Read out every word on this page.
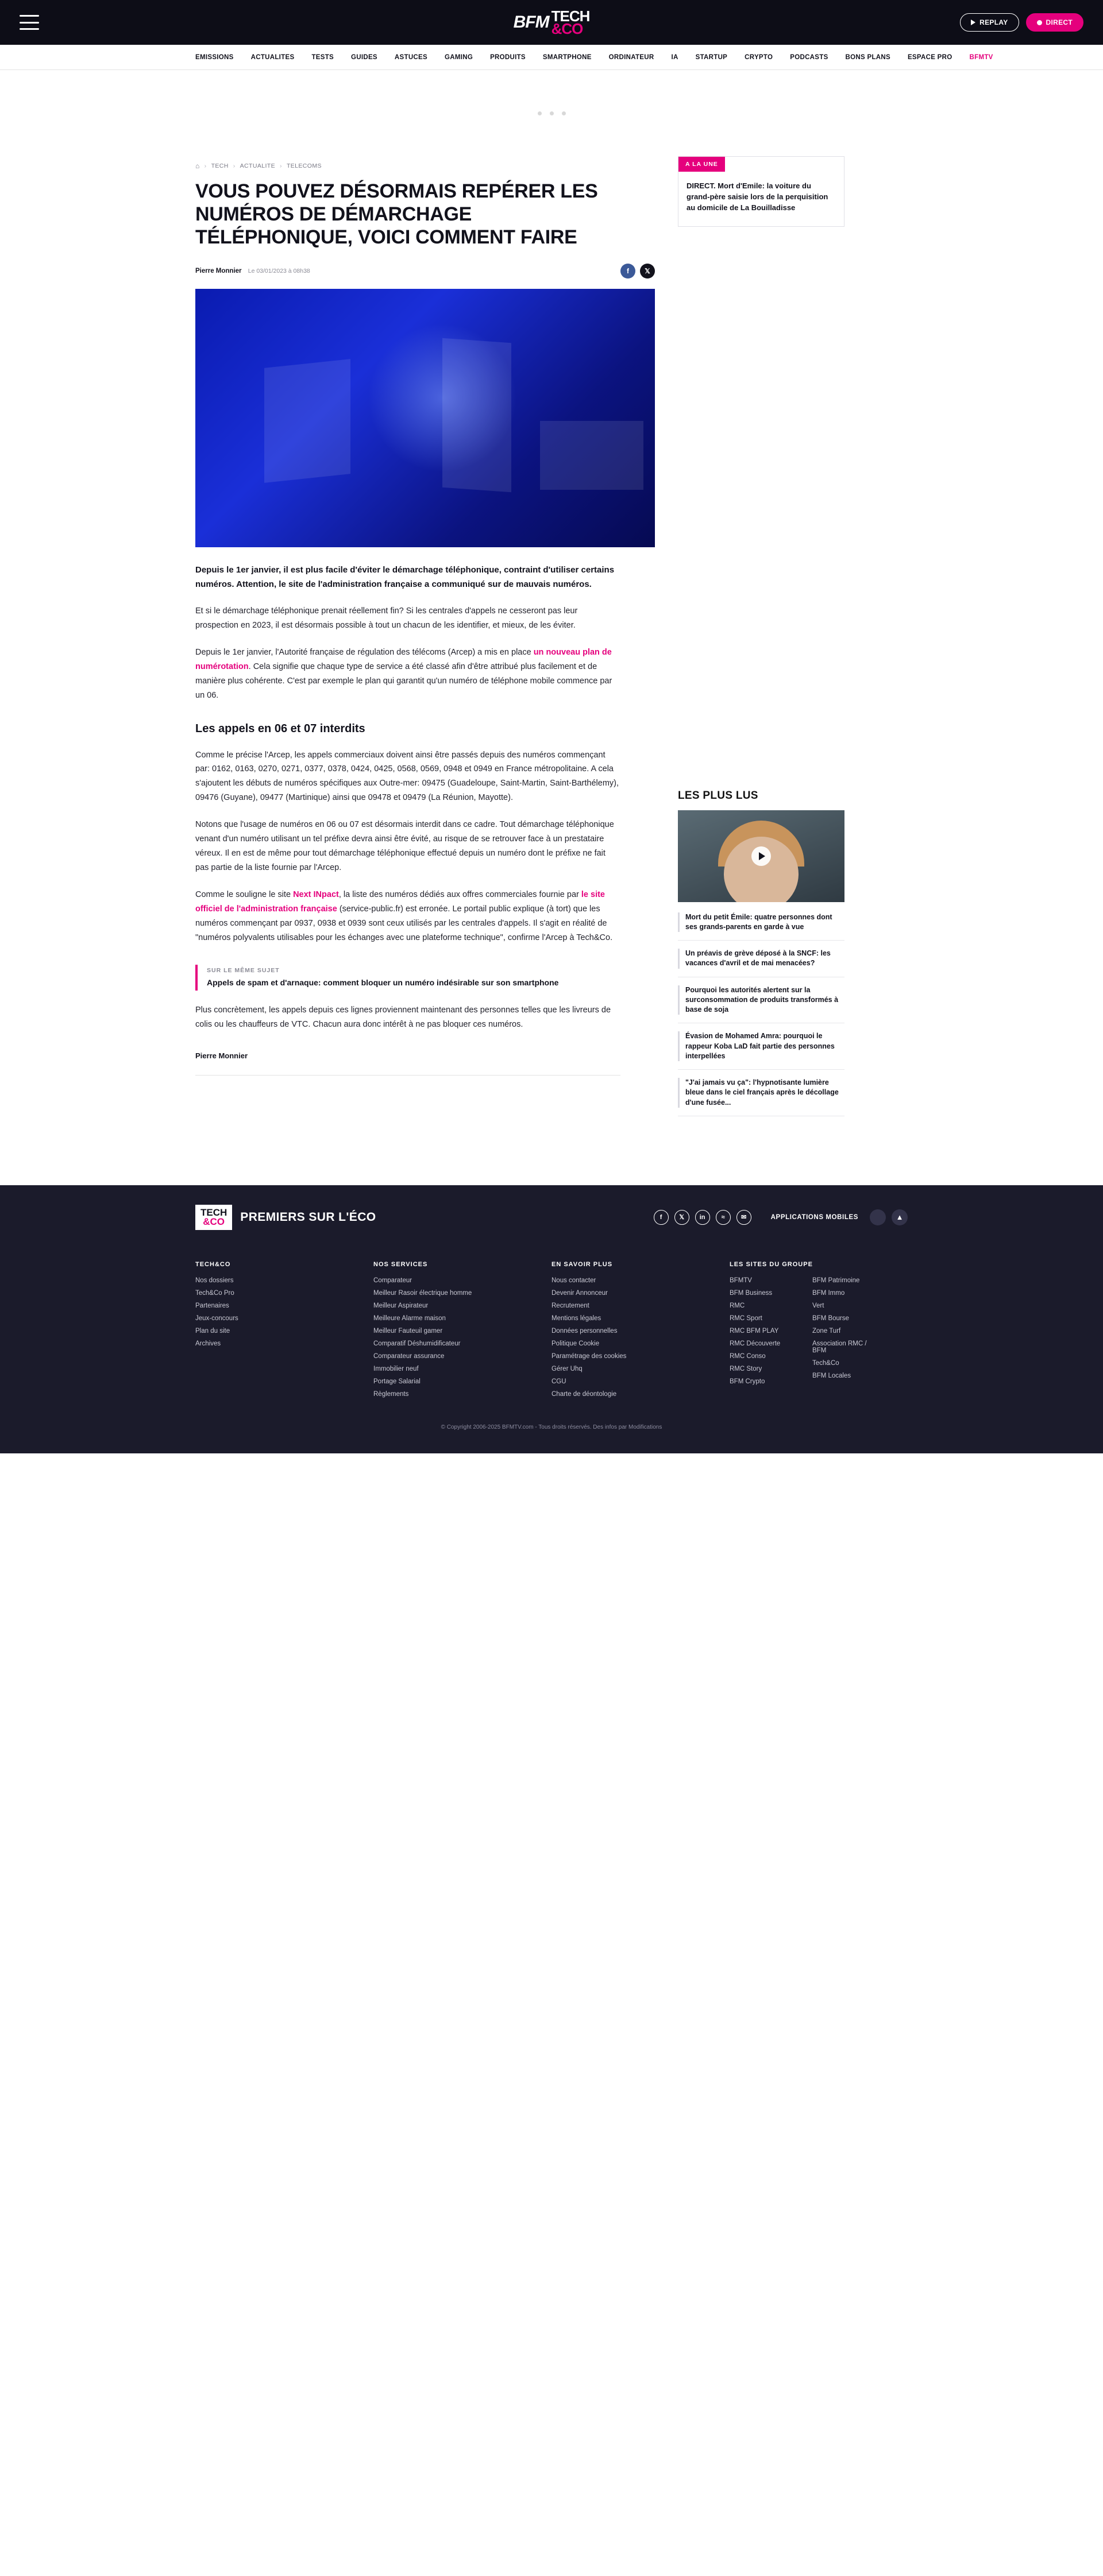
BFM TECH
&CO	REPLAY	DIRECT
EMISSIONS	ACTUALITES	TESTS	GUIDES	ASTUCES	GAMING	PRODUITS	SMARTPHONE	ORDINATEUR	IA	STARTUP	CRYPTO	PODCASTS	BONS PLANS	ESPACE PRO	BFMTV
⌂ › TECH › ACTUALITE › TELECOMS
VOUS POUVEZ DÉSORMAIS REPÉRER LES NUMÉROS DE DÉMARCHAGE TÉLÉPHONIQUE, VOICI COMMENT FAIRE
Pierre Monnier Le 03/01/2023 à 08h38	f	𝕏

Depuis le 1er janvier, il est plus facile d'éviter le démarchage téléphonique, contraint d'utiliser certains numéros. Attention, le site de l'administration française a communiqué sur de mauvais numéros.

Et si le démarchage téléphonique prenait réellement fin? Si les centrales d'appels ne cesseront pas leur prospection en 2023, il est désormais possible à tout un chacun de les identifier, et mieux, de les éviter.

Depuis le 1er janvier, l'Autorité française de régulation des télécoms (Arcep) a mis en place un nouveau plan de numérotation. Cela signifie que chaque type de service a été classé afin d'être attribué plus facilement et de manière plus cohérente. C'est par exemple le plan qui garantit qu'un numéro de téléphone mobile commence par un 06.

Les appels en 06 et 07 interdits

Comme le précise l'Arcep, les appels commerciaux doivent ainsi être passés depuis des numéros commençant par: 0162, 0163, 0270, 0271, 0377, 0378, 0424, 0425, 0568, 0569, 0948 et 0949 en France métropolitaine. A cela s'ajoutent les débuts de numéros spécifiques aux Outre-mer: 09475 (Guadeloupe, Saint-Martin, Saint-Barthélemy), 09476 (Guyane), 09477 (Martinique) ainsi que 09478 et 09479 (La Réunion, Mayotte).

Notons que l'usage de numéros en 06 ou 07 est désormais interdit dans ce cadre. Tout démarchage téléphonique venant d'un numéro utilisant un tel préfixe devra ainsi être évité, au risque de se retrouver face à un prestataire véreux. Il en est de même pour tout démarchage téléphonique effectué depuis un numéro dont le préfixe ne fait pas partie de la liste fournie par l'Arcep.

Comme le souligne le site Next INpact, la liste des numéros dédiés aux offres commerciales fournie par le site officiel de l'administration française (service-public.fr) est erronée. Le portail public explique (à tort) que les numéros commençant par 0937, 0938 et 0939 sont ceux utilisés par les centrales d'appels. Il s'agit en réalité de "numéros polyvalents utilisables pour les échanges avec une plateforme technique", confirme l'Arcep à Tech&Co.

SUR LE MÊME SUJET
Appels de spam et d'arnaque: comment bloquer un numéro indésirable sur son smartphone

Plus concrètement, les appels depuis ces lignes proviennent maintenant des personnes telles que les livreurs de colis ou les chauffeurs de VTC. Chacun aura donc intérêt à ne pas bloquer ces numéros.

Pierre Monnier

A LA UNE
DIRECT. Mort d'Emile: la voiture du grand-père saisie lors de la perquisition au domicile de La Bouilladisse
LES PLUS LUS
Mort du petit Émile: quatre personnes dont ses grands-parents en garde à vue
Un préavis de grève déposé à la SNCF: les vacances d'avril et de mai menacées?
Pourquoi les autorités alertent sur la surconsommation de produits transformés à base de soja
Évasion de Mohamed Amra: pourquoi le rappeur Koba LaD fait partie des personnes interpellées
"J'ai jamais vu ça": l'hypnotisante lumière bleue dans le ciel français après le décollage d'une fusée...
TECH
&CO PREMIERS SUR L'ÉCO	f	𝕏	in	≈	✉	APPLICATIONS MOBILES	▲
TECH&CO
Nos dossiers
Tech&Co Pro
Partenaires
Jeux-concours
Plan du site
Archives
NOS SERVICES
Comparateur
Meilleur Rasoir électrique homme
Meilleur Aspirateur
Meilleure Alarme maison
Meilleur Fauteuil gamer
Comparatif Déshumidificateur
Comparateur assurance
Immobilier neuf
Portage Salarial
Règlements
EN SAVOIR PLUS
Nous contacter
Devenir Annonceur
Recrutement
Mentions légales
Données personnelles
Politique Cookie
Paramétrage des cookies
Gérer Uhq
CGU
Charte de déontologie
LES SITES DU GROUPE
BFMTV
BFM Business
RMC
RMC Sport
RMC BFM PLAY
RMC Découverte
RMC Conso
RMC Story
BFM Crypto
BFM Patrimoine
BFM Immo
Vert
BFM Bourse
Zone Turf
Association RMC / BFM
Tech&Co
BFM Locales
© Copyright 2006-2025 BFMTV.com - Tous droits réservés. Des infos par Modifications
